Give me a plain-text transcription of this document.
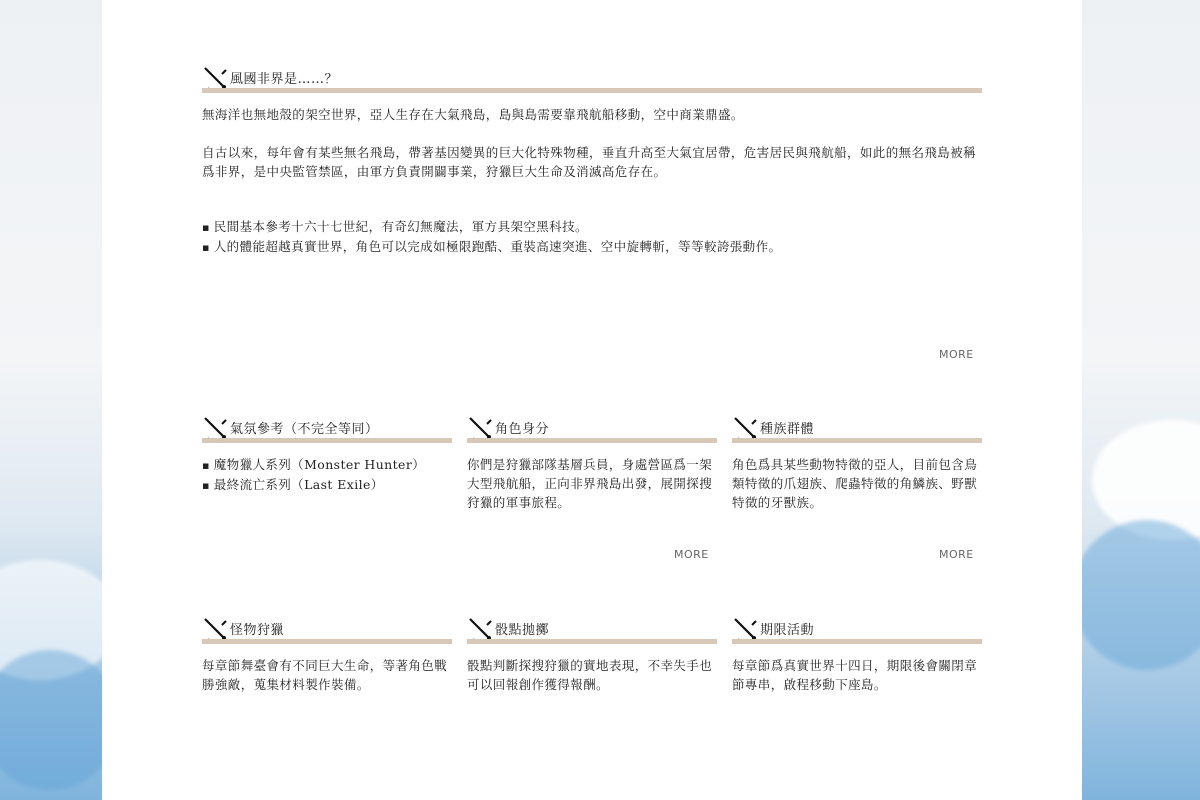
風國非界是……？

無海洋也無地殼的架空世界，亞人生存在大氣飛島，島與島需要靠飛航船移動，空中商業鼎盛。

自古以來，每年會有某些無名飛島，帶著基因變異的巨大化特殊物種，垂直升高至大氣宜居帶，危害居民與飛航船，如此的無名飛島被稱爲非界，是中央監管禁區，由軍方負責開闢事業，狩獵巨大生命及消滅高危存在。

▪ 民間基本參考十六十七世紀，有奇幻無魔法，軍方具架空黑科技。
▪ 人的體能超越真實世界，角色可以完成如極限跑酷、重裝高速突進、空中旋轉斬，等等較誇張動作。
MORE
氣氛參考（不完全等同）
▪ 魔物獵人系列（Monster Hunter）
▪ 最終流亡系列（Last Exile）
角色身分

你們是狩獵部隊基層兵員，身處營區爲一架大型飛航船，正向非界飛島出發，展開探搜狩獵的軍事旅程。

種族群體

角色爲具某些動物特徵的亞人，目前包含鳥類特徵的爪翅族、爬蟲特徵的角鱗族、野獸特徵的牙獸族。

MORE	MORE
怪物狩獵

每章節舞臺會有不同巨大生命，等著角色戰勝強敵，蒐集材料製作裝備。

骰點拋擲

骰點判斷探搜狩獵的實地表現，不幸失手也可以回報創作獲得報酬。

期限活動

每章節爲真實世界十四日，期限後會關閉章節專串，啟程移動下座島。
